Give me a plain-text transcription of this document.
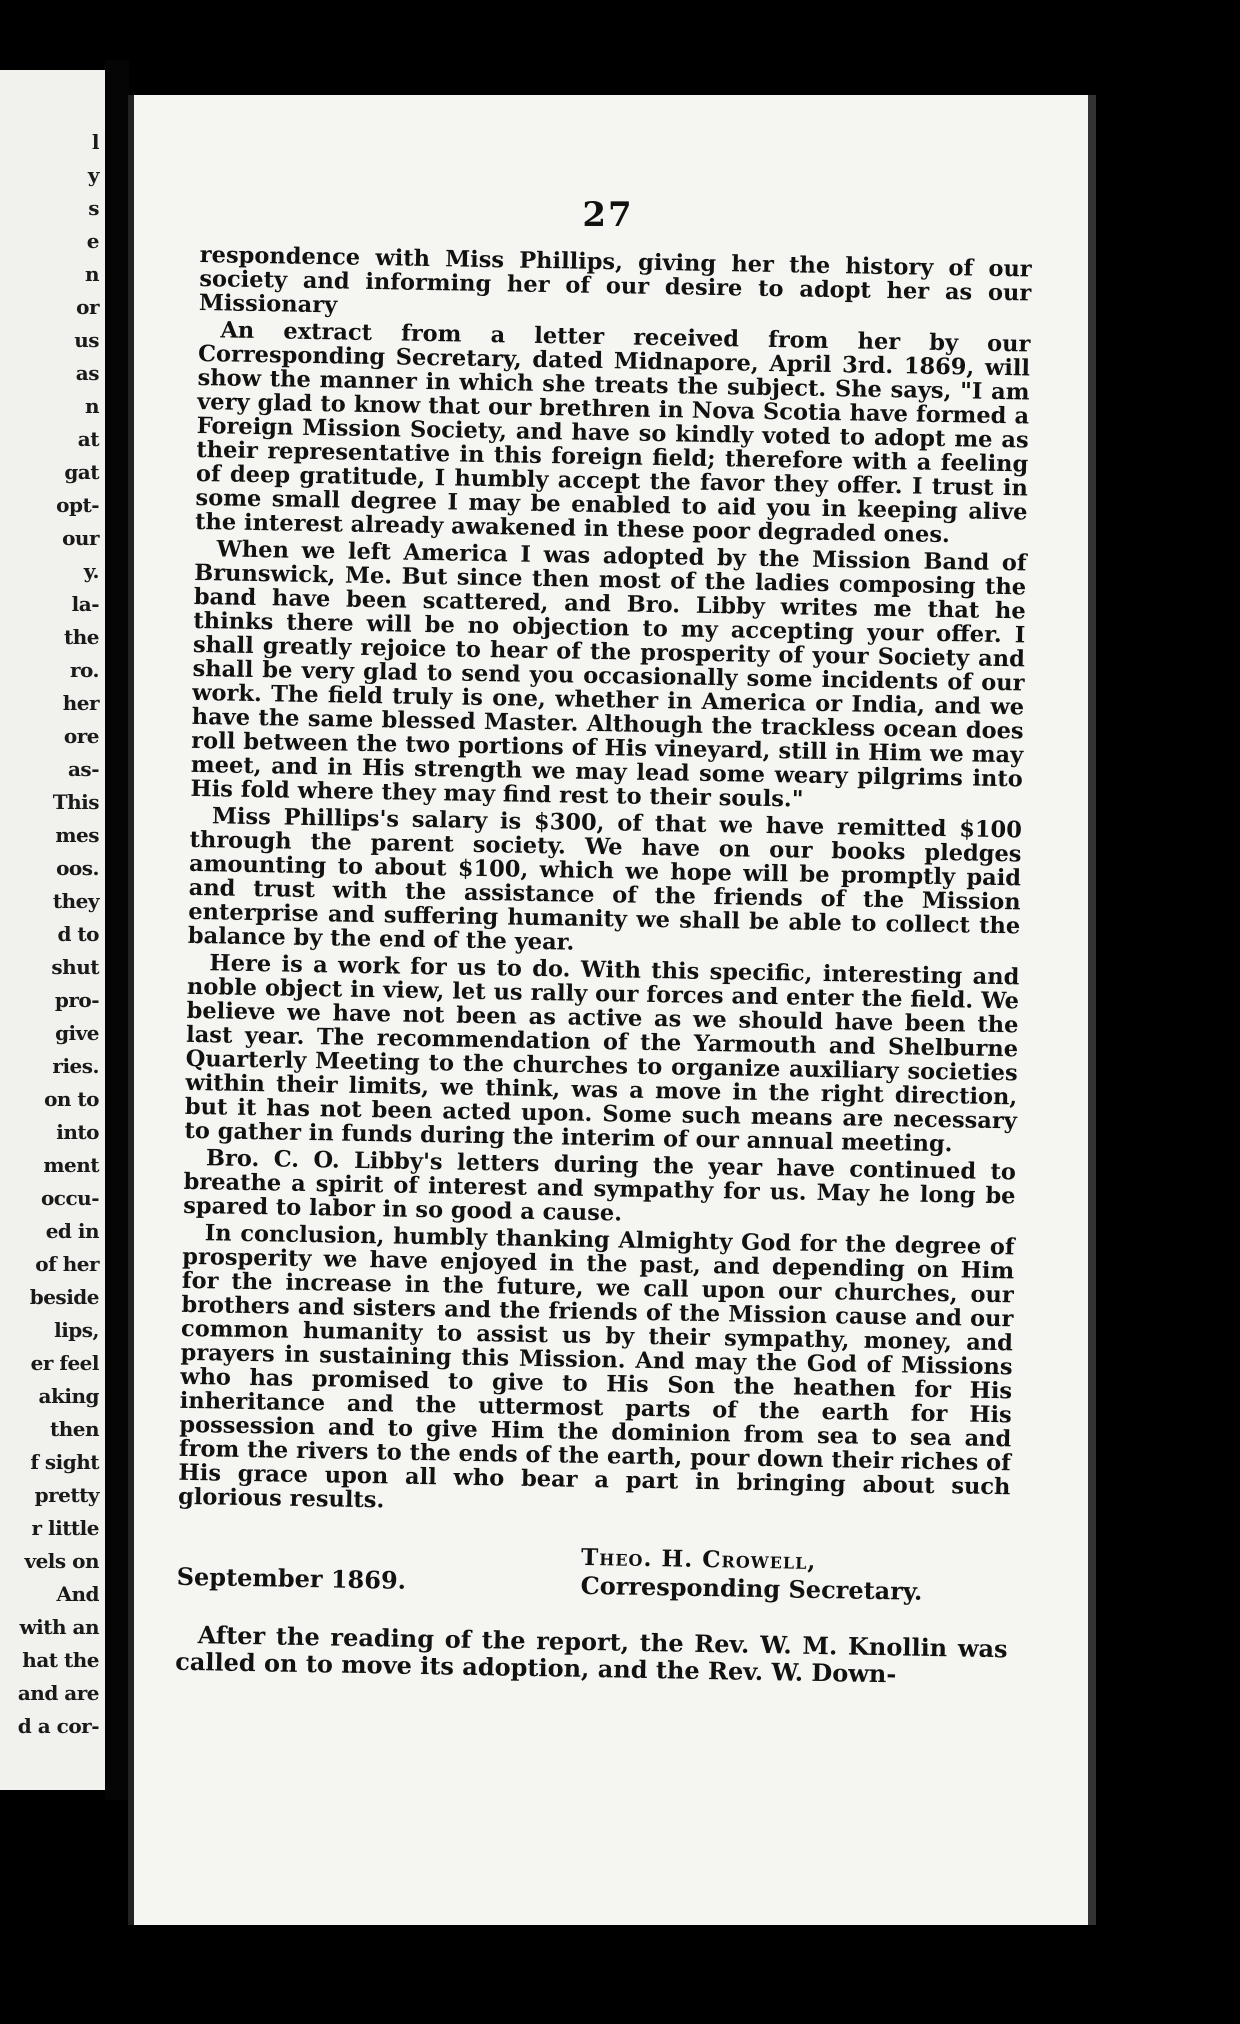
l
y
s
e
n
or
us
as
n
at
gat
opt-
our
y.
la-
the
ro.
her
ore
as-
This
mes
oos.
they
d to
shut
pro-
give
ries.
on to
into
ment
occu-
ed in
of her
beside
lips,
er feel
aking
then
f sight
pretty
r little
vels on
And
with an
hat the
and are
d a cor-
27

respondence with Miss Phillips, giving her the history of our society and informing her of our desire to adopt her as our Missionary

An extract from a letter received from her by our Corresponding Secretary, dated Midnapore, April 3rd. 1869, will show the manner in which she treats the subject. She says, "I am very glad to know that our brethren in Nova Scotia have formed a Foreign Mission Society, and have so kindly voted to adopt me as their representative in this foreign field; therefore with a feeling of deep gratitude, I humbly accept the favor they offer. I trust in some small degree I may be enabled to aid you in keeping alive the interest already awakened in these poor degraded ones.

When we left America I was adopted by the Mission Band of Brunswick, Me. But since then most of the ladies composing the band have been scattered, and Bro. Libby writes me that he thinks there will be no objection to my accepting your offer. I shall greatly rejoice to hear of the prosperity of your Society and shall be very glad to send you occasionally some incidents of our work. The field truly is one, whether in America or India, and we have the same blessed Master. Although the trackless ocean does roll between the two portions of His vineyard, still in Him we may meet, and in His strength we may lead some weary pilgrims into His fold where they may find rest to their souls."

Miss Phillips's salary is $300, of that we have remitted $100 through the parent society. We have on our books pledges amounting to about $100, which we hope will be promptly paid and trust with the assistance of the friends of the Mission enterprise and suffering humanity we shall be able to collect the balance by the end of the year.

Here is a work for us to do. With this specific, interesting and noble object in view, let us rally our forces and enter the field. We believe we have not been as active as we should have been the last year. The recommendation of the Yarmouth and Shelburne Quarterly Meeting to the churches to organize auxiliary societies within their limits, we think, was a move in the right direction, but it has not been acted upon. Some such means are necessary to gather in funds during the interim of our annual meeting.

Bro. C. O. Libby's letters during the year have continued to breathe a spirit of interest and sympathy for us. May he long be spared to labor in so good a cause.

In conclusion, humbly thanking Almighty God for the degree of prosperity we have enjoyed in the past, and depending on Him for the increase in the future, we call upon our churches, our brothers and sisters and the friends of the Mission cause and our common humanity to assist us by their sympathy, money, and prayers in sustaining this Mission. And may the God of Missions who has promised to give to His Son the heathen for His inheritance and the uttermost parts of the earth for His possession and to give Him the dominion from sea to sea and from the rivers to the ends of the earth, pour down their riches of His grace upon all who bear a part in bringing about such glorious results.

September 1869.
Theo. H. Crowell,
Corresponding Secretary.

After the reading of the report, the Rev. W. M. Knollin was called on to move its adoption, and the Rev. W. Down-
